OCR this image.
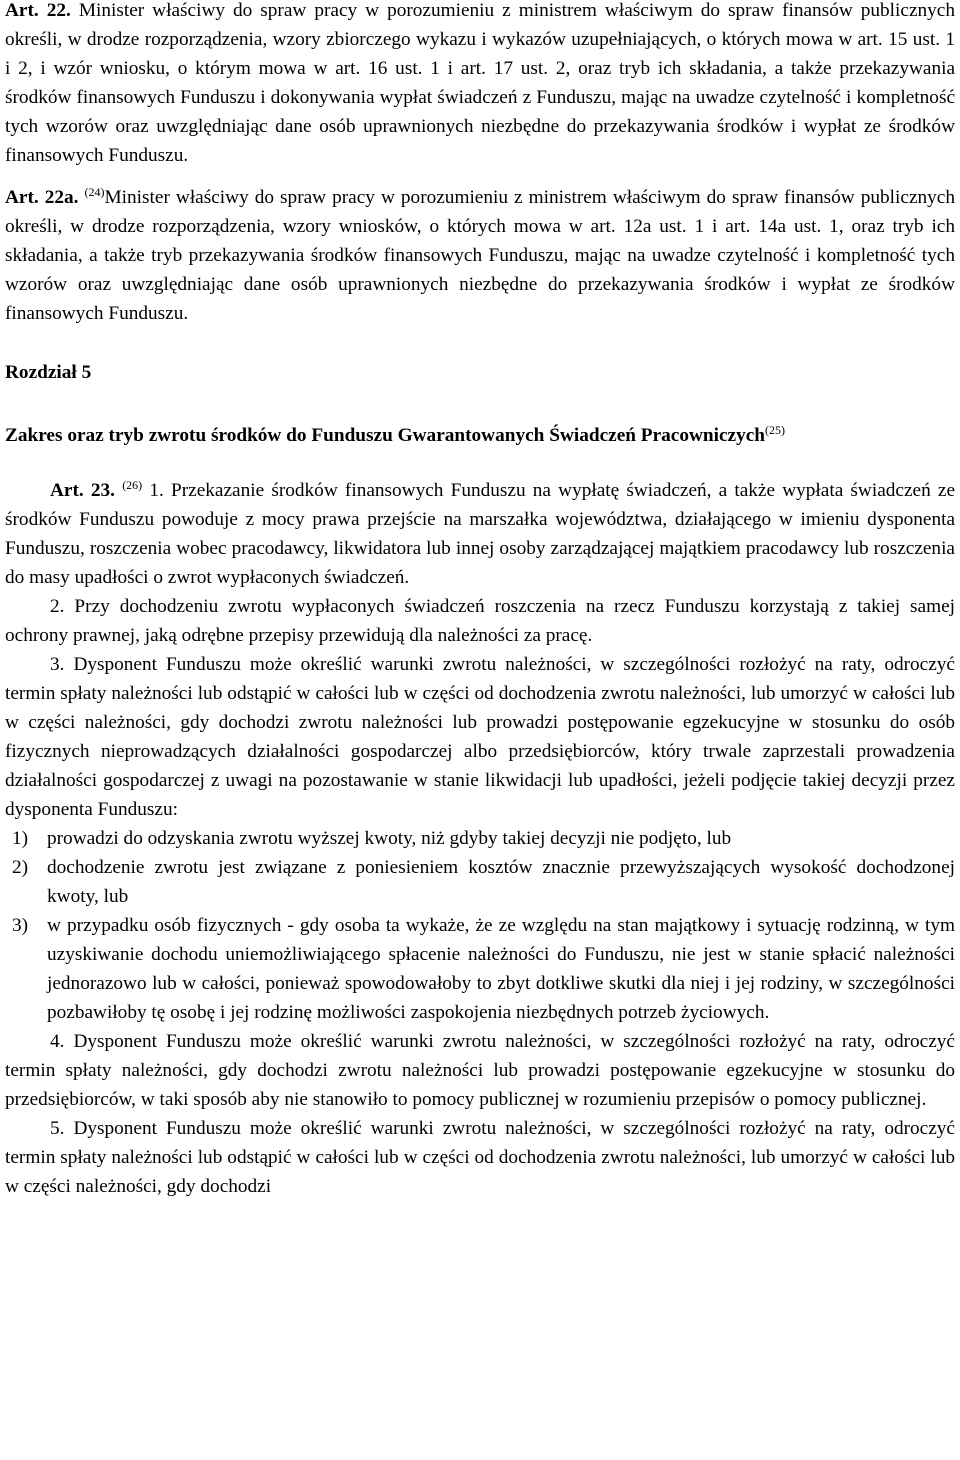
Art. 22. Minister właściwy do spraw pracy w porozumieniu z ministrem właściwym do spraw finansów publicznych określi, w drodze rozporządzenia, wzory zbiorczego wykazu i wykazów uzupełniających, o których mowa w art. 15 ust. 1 i 2, i wzór wniosku, o którym mowa w art. 16 ust. 1 i art. 17 ust. 2, oraz tryb ich składania, a także przekazywania środków finansowych Funduszu i dokonywania wypłat świadczeń z Funduszu, mając na uwadze czytelność i kompletność tych wzorów oraz uwzględniając dane osób uprawnionych niezbędne do przekazywania środków i wypłat ze środków finansowych Funduszu.

Art. 22a. $^{(24)}$Minister właściwy do spraw pracy w porozumieniu z ministrem właściwym do spraw finansów publicznych określi, w drodze rozporządzenia, wzory wniosków, o których mowa w art. 12a ust. 1 i art. 14a ust. 1, oraz tryb ich składania, a także tryb przekazywania środków finansowych Funduszu, mając na uwadze czytelność i kompletność tych wzorów oraz uwzględniając dane osób uprawnionych niezbędne do przekazywania środków i wypłat ze środków finansowych Funduszu.

Rozdział 5

Zakres oraz tryb zwrotu środków do Funduszu Gwarantowanych Świadczeń Pracowniczych$^{(25)}$

Art. 23. $^{(26)}$ 1. Przekazanie środków finansowych Funduszu na wypłatę świadczeń, a także wypłata świadczeń ze środków Funduszu powoduje z mocy prawa przejście na marszałka województwa, działającego w imieniu dysponenta Funduszu, roszczenia wobec pracodawcy, likwidatora lub innej osoby zarządzającej majątkiem pracodawcy lub roszczenia do masy upadłości o zwrot wypłaconych świadczeń.

2. Przy dochodzeniu zwrotu wypłaconych świadczeń roszczenia na rzecz Funduszu korzystają z takiej samej ochrony prawnej, jaką odrębne przepisy przewidują dla należności za pracę.

3. Dysponent Funduszu może określić warunki zwrotu należności, w szczególności rozłożyć na raty, odroczyć termin spłaty należności lub odstąpić w całości lub w części od dochodzenia zwrotu należności, lub umorzyć w całości lub w części należności, gdy dochodzi zwrotu należności lub prowadzi postępowanie egzekucyjne w stosunku do osób fizycznych nieprowadzących działalności gospodarczej albo przedsiębiorców, który trwale zaprzestali prowadzenia działalności gospodarczej z uwagi na pozostawanie w stanie likwidacji lub upadłości, jeżeli podjęcie takiej decyzji przez dysponenta Funduszu:

1) prowadzi do odzyskania zwrotu wyższej kwoty, niż gdyby takiej decyzji nie podjęto, lub
2) dochodzenie zwrotu jest związane z poniesieniem kosztów znacznie przewyższających wysokość dochodzonej kwoty, lub
3) w przypadku osób fizycznych - gdy osoba ta wykaże, że ze względu na stan majątkowy i sytuację rodzinną, w tym uzyskiwanie dochodu uniemożliwiającego spłacenie należności do Funduszu, nie jest w stanie spłacić należności jednorazowo lub w całości, ponieważ spowodowałoby to zbyt dotkliwe skutki dla niej i jej rodziny, w szczególności pozbawiłoby tę osobę i jej rodzinę możliwości zaspokojenia niezbędnych potrzeb życiowych.

4. Dysponent Funduszu może określić warunki zwrotu należności, w szczególności rozłożyć na raty, odroczyć termin spłaty należności, gdy dochodzi zwrotu należności lub prowadzi postępowanie egzekucyjne w stosunku do przedsiębiorców, w taki sposób aby nie stanowiło to pomocy publicznej w rozumieniu przepisów o pomocy publicznej.

5. Dysponent Funduszu może określić warunki zwrotu należności, w szczególności rozłożyć na raty, odroczyć termin spłaty należności lub odstąpić w całości lub w części od dochodzenia zwrotu należności, lub umorzyć w całości lub w części należności, gdy dochodzi
